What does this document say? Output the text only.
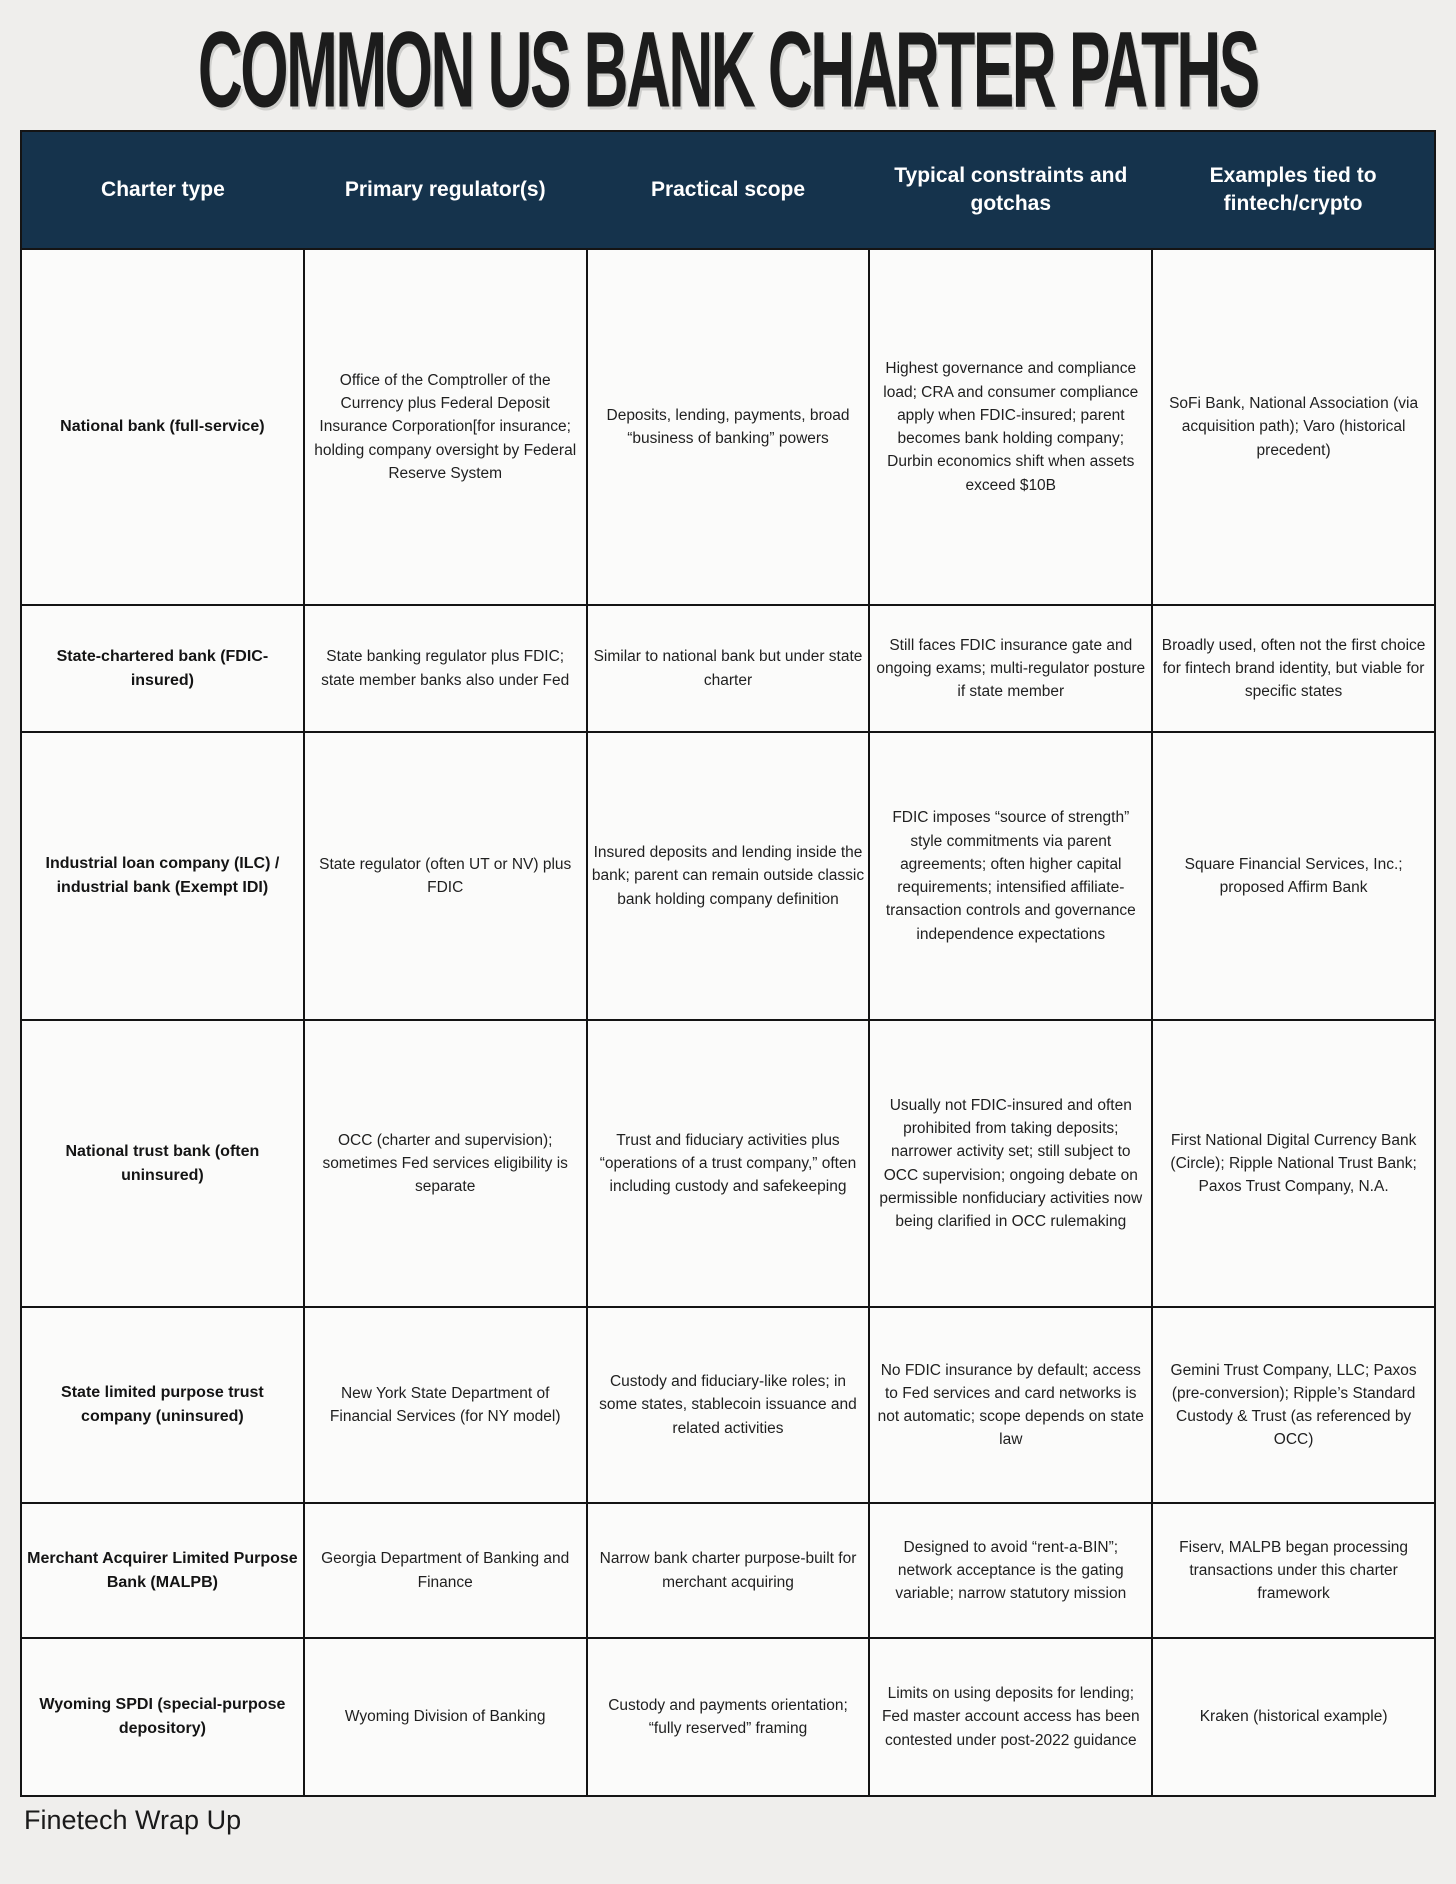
COMMON US BANK CHARTER PATHS
Charter type	Primary regulator(s)	Practical scope	Typical constraints and gotchas	Examples tied to fintech/crypto
National bank (full-service)	Office of the Comptroller of the Currency plus Federal Deposit Insurance Corporation[for insurance; holding company oversight by Federal Reserve System	Deposits, lending, payments, broad “business of banking” powers	Highest governance and compliance load; CRA and consumer compliance apply when FDIC-insured; parent becomes bank holding company; Durbin economics shift when assets exceed $10B	SoFi Bank, National Association (via acquisition path); Varo (historical precedent)
State-chartered bank (FDIC-insured)	State banking regulator plus FDIC; state member banks also under Fed	Similar to national bank but under state charter	Still faces FDIC insurance gate and ongoing exams; multi-regulator posture if state member	Broadly used, often not the first choice for fintech brand identity, but viable for specific states
Industrial loan company (ILC) / industrial bank (Exempt IDI)	State regulator (often UT or NV) plus FDIC	Insured deposits and lending inside the bank; parent can remain outside classic bank holding company definition	FDIC imposes “source of strength” style commitments via parent agreements; often higher capital requirements; intensified affiliate-transaction controls and governance independence expectations	Square Financial Services, Inc.; proposed Affirm Bank
National trust bank (often uninsured)	OCC (charter and supervision); sometimes Fed services eligibility is separate	Trust and fiduciary activities plus “operations of a trust company,” often including custody and safekeeping	Usually not FDIC-insured and often prohibited from taking deposits; narrower activity set; still subject to OCC supervision; ongoing debate on permissible nonfiduciary activities now being clarified in OCC rulemaking	First National Digital Currency Bank (Circle); Ripple National Trust Bank; Paxos Trust Company, N.A.
State limited purpose trust company (uninsured)	New York State Department of Financial Services (for NY model)	Custody and fiduciary-like roles; in some states, stablecoin issuance and related activities	No FDIC insurance by default; access to Fed services and card networks is not automatic; scope depends on state law	Gemini Trust Company, LLC; Paxos (pre-conversion); Ripple’s Standard Custody & Trust (as referenced by OCC)
Merchant Acquirer Limited Purpose Bank (MALPB)	Georgia Department of Banking and Finance	Narrow bank charter purpose-built for merchant acquiring	Designed to avoid “rent-a-BIN”; network acceptance is the gating variable; narrow statutory mission	Fiserv, MALPB began processing transactions under this charter framework
Wyoming SPDI (special-purpose depository)	Wyoming Division of Banking	Custody and payments orientation; “fully reserved” framing	Limits on using deposits for lending; Fed master account access has been contested under post-2022 guidance	Kraken (historical example)
Finetech Wrap Up
